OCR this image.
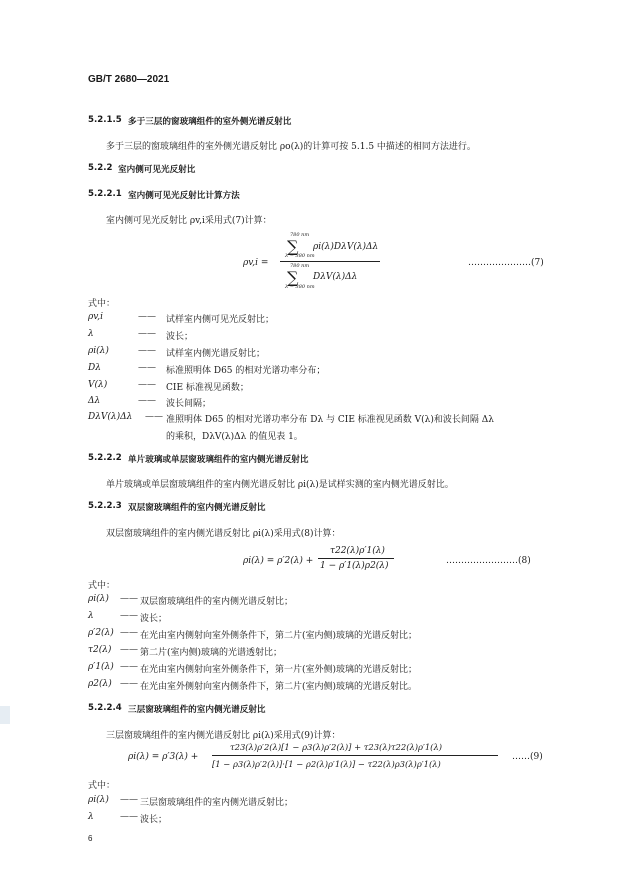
GB/T 2680—2021
5.2.1.5 多于三层的窗玻璃组件的室外侧光谱反射比
多于三层的窗玻璃组件的室外侧光谱反射比 ρo(λ)的计算可按 5.1.5 中描述的相同方法进行。
5.2.2 室内侧可见光反射比
5.2.2.1 室内侧可见光反射比计算方法
室内侧可见光反射比 ρv,i采用式(7)计算：
ρv,i =
780 nm
∑
λ = 380 nm
ρi(λ)DλV(λ)Δλ
780 nm
∑
λ = 380 nm
DλV(λ)Δλ
…………………(7)
式中：
ρv,i	——	试样室内侧可见光反射比；
λ	——	波长；
ρi(λ)	——	试样室内侧光谱反射比；
Dλ	——	标准照明体 D65 的相对光谱功率分布；
V(λ)	——	CIE 标准视见函数；
Δλ	——	波长间隔；
DλV(λ)Δλ	—— 准照明体 D65 的相对光谱功率分布 Dλ 与 CIE 标准视见函数 V(λ)和波长间隔 Δλ
的乘积，DλV(λ)Δλ 的值见表 1。
5.2.2.2 单片玻璃或单层窗玻璃组件的室内侧光谱反射比
单片玻璃或单层窗玻璃组件的室内侧光谱反射比 ρi(λ)是试样实测的室内侧光谱反射比。
5.2.2.3 双层窗玻璃组件的室内侧光谱反射比
双层窗玻璃组件的室内侧光谱反射比 ρi(λ)采用式(8)计算：
ρi(λ) = ρ′2(λ) +
τ22(λ)ρ′1(λ)
1 − ρ′1(λ)ρ2(λ)	……………………(8)
式中：
ρi(λ)	—— 双层窗玻璃组件的室内侧光谱反射比；
λ	—— 波长；
ρ′2(λ) —— 在光由室内侧射向室外侧条件下，第二片(室内侧)玻璃的光谱反射比；
τ2(λ) —— 第二片(室内侧)玻璃的光谱透射比；
ρ′1(λ) —— 在光由室内侧射向室外侧条件下，第一片(室外侧)玻璃的光谱反射比；
ρ2(λ) —— 在光由室外侧射向室内侧条件下，第二片(室内侧)玻璃的光谱反射比。
5.2.2.4 三层窗玻璃组件的室内侧光谱反射比
三层窗玻璃组件的室内侧光谱反射比 ρi(λ)采用式(9)计算：
ρi(λ) = ρ′3(λ) +
τ23(λ)ρ′2(λ)[1 − ρ3(λ)ρ′2(λ)] + τ23(λ)τ22(λ)ρ′1(λ)
[1 − ρ3(λ)ρ′2(λ)]·[1 − ρ2(λ)ρ′1(λ)] − τ22(λ)ρ3(λ)ρ′1(λ)
……(9)
式中：
ρi(λ)	—— 三层窗玻璃组件的室内侧光谱反射比；
λ	—— 波长；
6
